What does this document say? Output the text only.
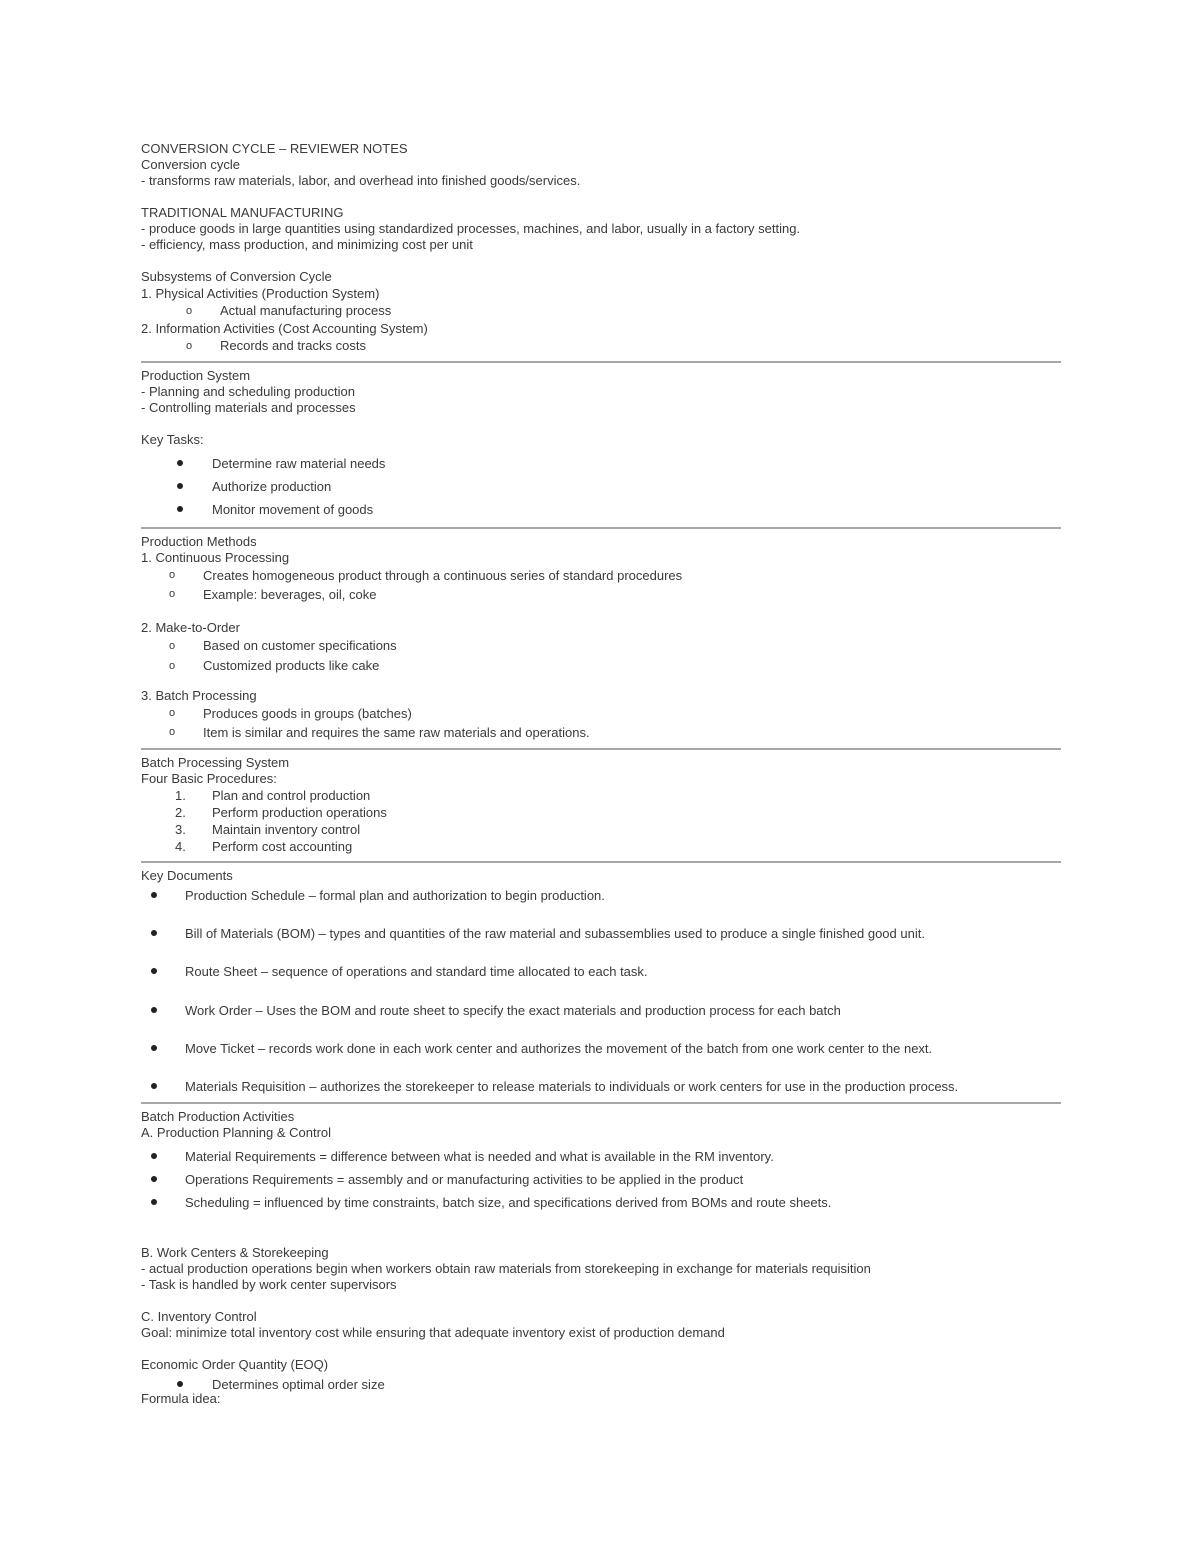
CONVERSION CYCLE – REVIEWER NOTES
Conversion cycle
- transforms raw materials, labor, and overhead into finished goods/services.
TRADITIONAL MANUFACTURING
- produce goods in large quantities using standardized processes, machines, and labor, usually in a factory setting.
- efficiency, mass production, and minimizing cost per unit
Subsystems of Conversion Cycle
1. Physical Activities (Production System)
o Actual manufacturing process
2. Information Activities (Cost Accounting System)
o Records and tracks costs
Production System
- Planning and scheduling production
- Controlling materials and processes
Key Tasks:
Determine raw material needs
Authorize production
Monitor movement of goods
Production Methods
1. Continuous Processing
o Creates homogeneous product through a continuous series of standard procedures
o Example: beverages, oil, coke
2. Make-to-Order
o Based on customer specifications
o Customized products like cake
3. Batch Processing
o Produces goods in groups (batches)
o Item is similar and requires the same raw materials and operations.
Batch Processing System
Four Basic Procedures:
1. Plan and control production
2. Perform production operations
3. Maintain inventory control
4. Perform cost accounting
Key Documents
Production Schedule – formal plan and authorization to begin production.
Bill of Materials (BOM) – types and quantities of the raw material and subassemblies used to produce a single finished good unit.
Route Sheet – sequence of operations and standard time allocated to each task.
Work Order – Uses the BOM and route sheet to specify the exact materials and production process for each batch
Move Ticket – records work done in each work center and authorizes the movement of the batch from one work center to the next.
Materials Requisition – authorizes the storekeeper to release materials to individuals or work centers for use in the production process.
Batch Production Activities
A. Production Planning & Control
Material Requirements = difference between what is needed and what is available in the RM inventory.
Operations Requirements = assembly and or manufacturing activities to be applied in the product
Scheduling = influenced by time constraints, batch size, and specifications derived from BOMs and route sheets.
B. Work Centers & Storekeeping
- actual production operations begin when workers obtain raw materials from storekeeping in exchange for materials requisition
- Task is handled by work center supervisors
C. Inventory Control
Goal: minimize total inventory cost while ensuring that adequate inventory exist of production demand
Economic Order Quantity (EOQ)
Determines optimal order size
Formula idea:
